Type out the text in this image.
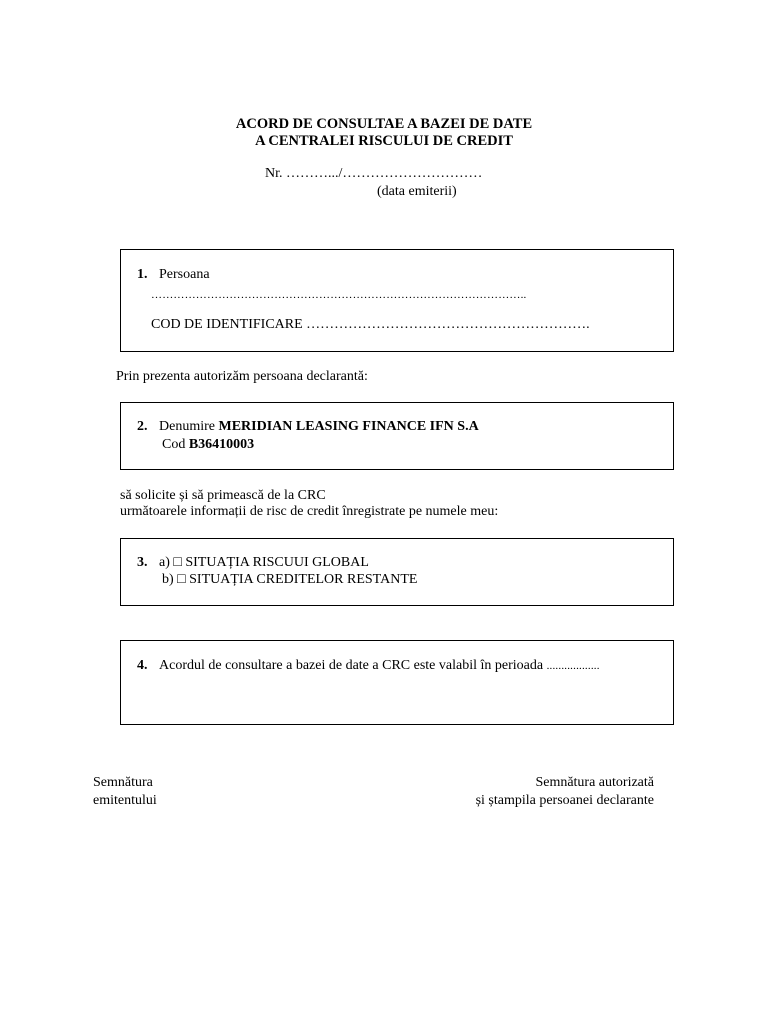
ACORD DE CONSULTAE A BAZEI DE DATE
A CENTRALEI RISCULUI DE CREDIT
Nr. ……….../…………………………
(data emiterii)
1. Persoana
………………………………………………………………………………………..
COD DE IDENTIFICARE …………………………………………………….
Prin prezenta autorizăm persoana declarantă:
2. Denumire MERIDIAN LEASING FINANCE IFN S.A
Cod B36410003
să solicite și să primească de la CRC
următoarele informații de risc de credit înregistrate pe numele meu:
3. a) □ SITUAȚIA RISCUUI GLOBAL
b) □ SITUAȚIA CREDITELOR RESTANTE
4. Acordul de consultare a bazei de date a CRC este valabil în perioada ..................
Semnătura
emitentului
Semnătura autorizată
și ștampila persoanei declarante
